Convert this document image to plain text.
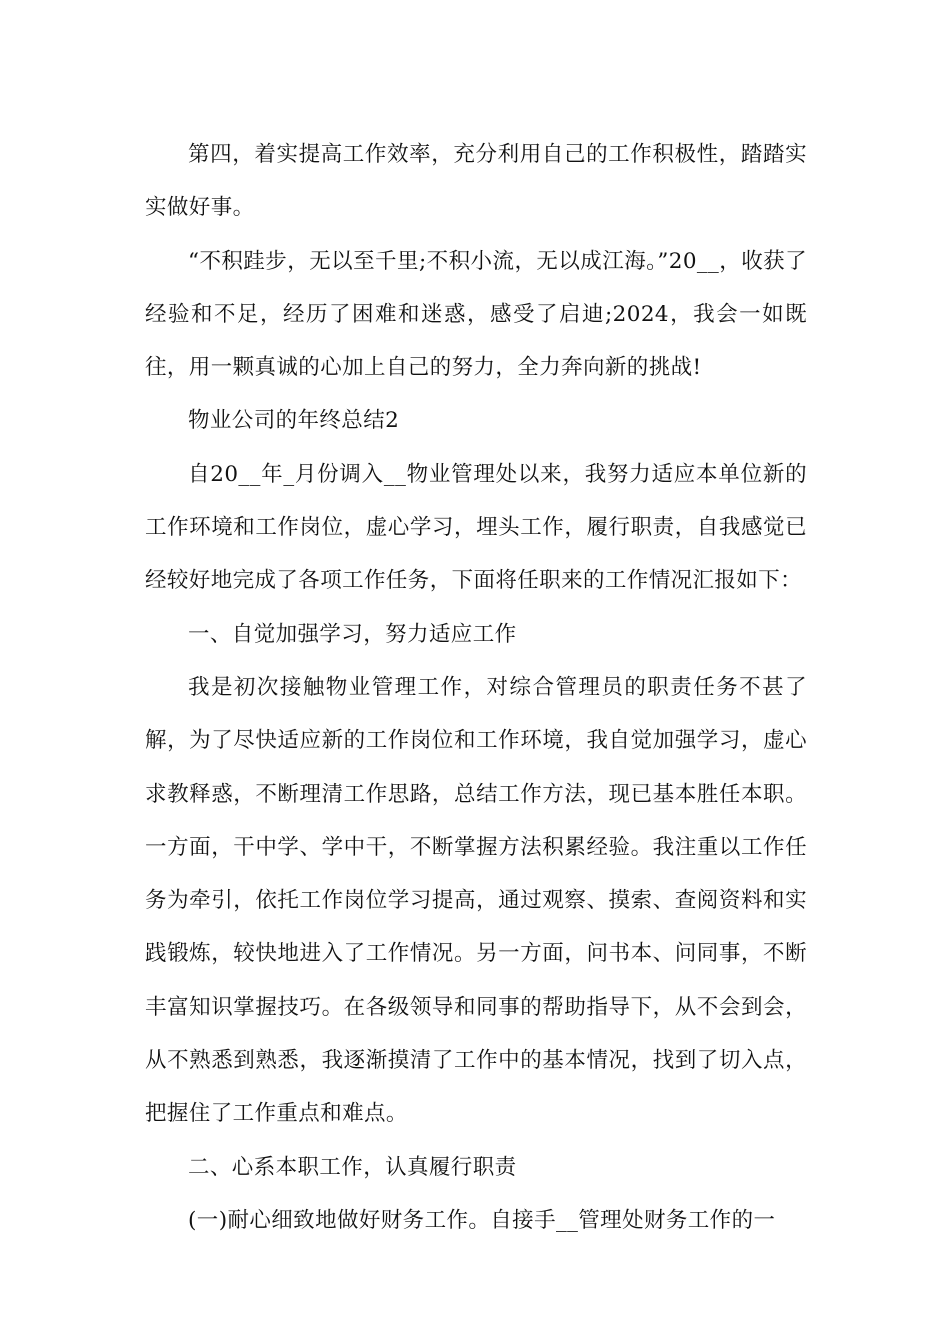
第四，着实提高工作效率，充分利用自己的工作积极性，踏踏实实做好事。

“不积跬步，无以至千里;不积小流，无以成江海。”20__，收获了经验和不足，经历了困难和迷惑，感受了启迪;2024，我会一如既往，用一颗真诚的心加上自己的努力，全力奔向新的挑战!

物业公司的年终总结2

自20__年_月份调入__物业管理处以来，我努力适应本单位新的工作环境和工作岗位，虚心学习，埋头工作，履行职责，自我感觉已经较好地完成了各项工作任务，下面将任职来的工作情况汇报如下：

一、自觉加强学习，努力适应工作

我是初次接触物业管理工作，对综合管理员的职责任务不甚了解，为了尽快适应新的工作岗位和工作环境，我自觉加强学习，虚心求教释惑，不断理清工作思路，总结工作方法，现已基本胜任本职。一方面，干中学、学中干，不断掌握方法积累经验。我注重以工作任务为牵引，依托工作岗位学习提高，通过观察、摸索、查阅资料和实践锻炼，较快地进入了工作情况。另一方面，问书本、问同事，不断丰富知识掌握技巧。在各级领导和同事的帮助指导下，从不会到会，从不熟悉到熟悉，我逐渐摸清了工作中的基本情况，找到了切入点，把握住了工作重点和难点。

二、心系本职工作，认真履行职责

(一)耐心细致地做好财务工作。自接手__管理处财务工作的一
